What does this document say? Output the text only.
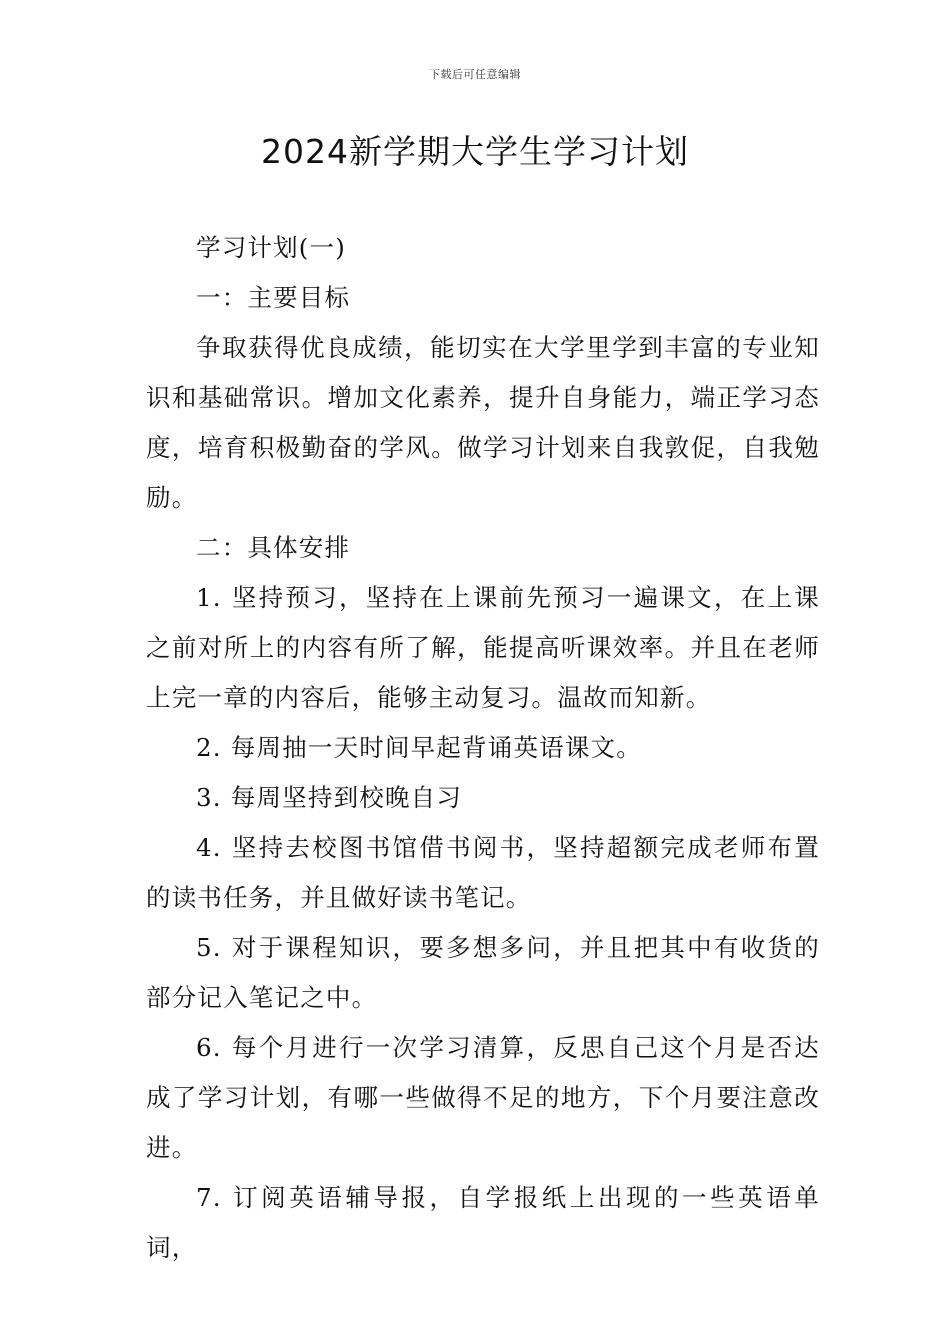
下载后可任意编辑
2024新学期大学生学习计划

学习计划(一)

一：主要目标

争取获得优良成绩，能切实在大学里学到丰富的专业知识和基础常识。增加文化素养，提升自身能力，端正学习态度，培育积极勤奋的学风。做学习计划来自我敦促，自我勉励。

二：具体安排

1. 坚持预习，坚持在上课前先预习一遍课文，在上课之前对所上的内容有所了解，能提高听课效率。并且在老师上完一章的内容后，能够主动复习。温故而知新。

2. 每周抽一天时间早起背诵英语课文。

3. 每周坚持到校晚自习

4. 坚持去校图书馆借书阅书，坚持超额完成老师布置的读书任务，并且做好读书笔记。

5. 对于课程知识，要多想多问，并且把其中有收货的部分记入笔记之中。

6. 每个月进行一次学习清算，反思自己这个月是否达成了学习计划，有哪一些做得不足的地方，下个月要注意改进。

7. 订阅英语辅导报，自学报纸上出现的一些英语单词，
